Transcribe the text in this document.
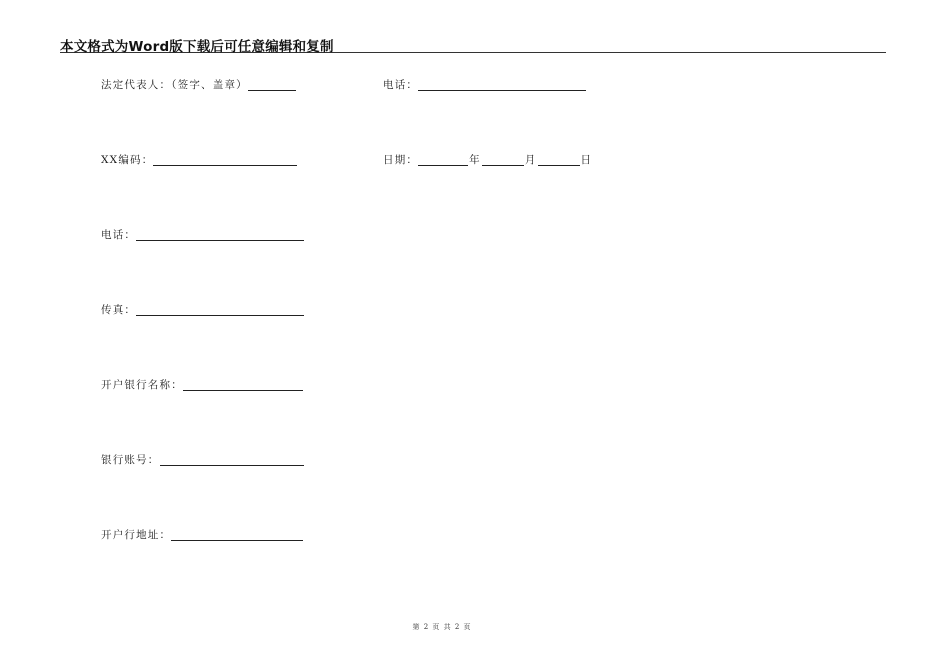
本文格式为Word版下载后可任意编辑和复制
法定代表人：（签字、盖章）	电话：
XX编码：	日期：	年	月	日
电话：
传真：
开户银行名称：
银行账号：
开户行地址：
第 2 页 共 2 页
